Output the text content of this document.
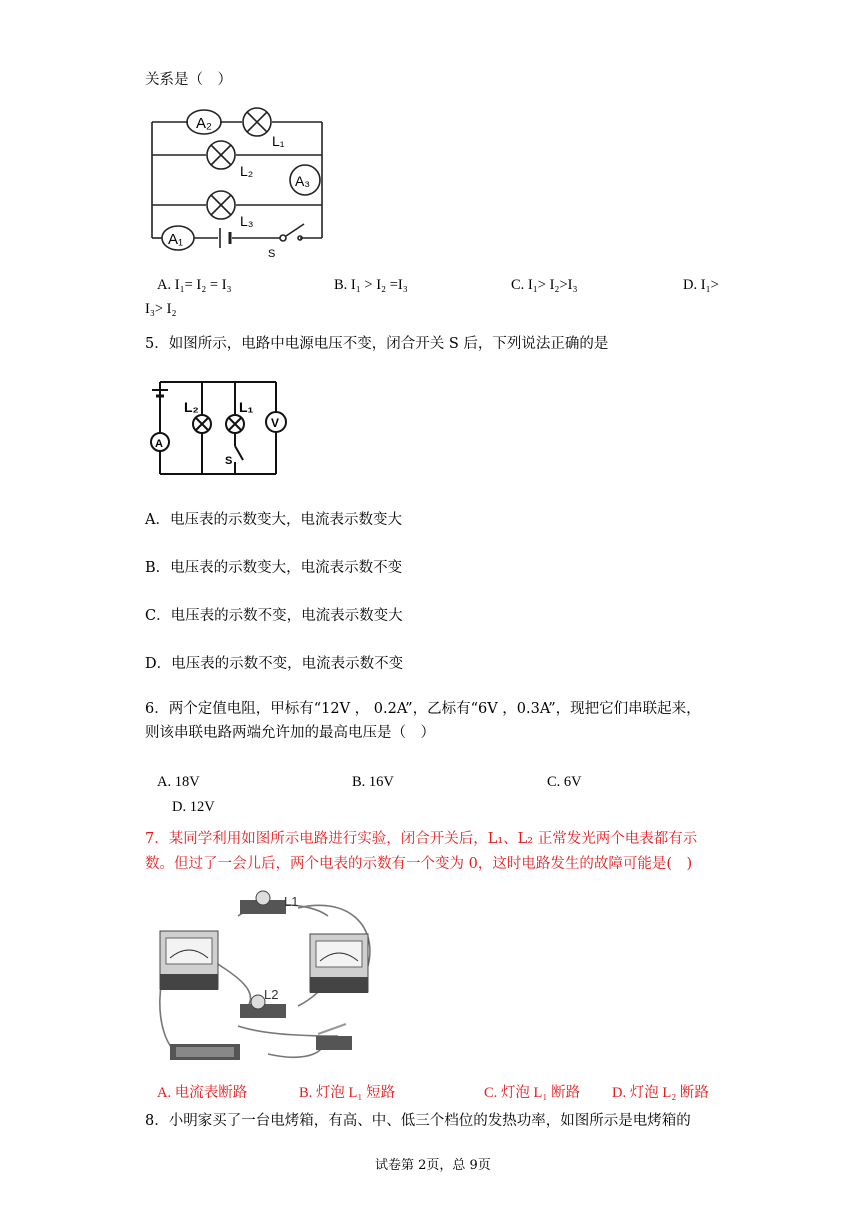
关系是（　）
A₂
L₁
L₂
A₃
L₃
A₁
S
A. I₁= I₂ = I₃	B. I₁ > I₂ =I₃	C. I₁> I₂>I₃	D. I₁>
I₃> I₂
5．如图所示，电路中电源电压不变，闭合开关 S 后，下列说法正确的是
L₂	L₁
A
V
S
A．电压表的示数变大，电流表示数变大
B．电压表的示数变大，电流表示数不变
C．电压表的示数不变，电流表示数变大
D．电压表的示数不变，电流表示数不变
6．两个定值电阻，甲标有“12V ， 0.2A”，乙标有“6V ，0.3A”，现把它们串联起来，
则该串联电路两端允许加的最高电压是（　）
A. 18V	B. 16V	C. 6V
D. 12V
7．某同学利用如图所示电路进行实验，闭合开关后，L₁、L₂ 正常发光两个电表都有示
数。但过了一会儿后，两个电表的示数有一个变为 0，这时电路发生的故障可能是(　)
L1
L2
A. 电流表断路	B. 灯泡 L₁ 短路	C. 灯泡 L₁ 断路 D. 灯泡 L₂ 断路
8．小明家买了一台电烤箱，有高、中、低三个档位的发热功率，如图所示是电烤箱的
试卷第 2页，总 9页
